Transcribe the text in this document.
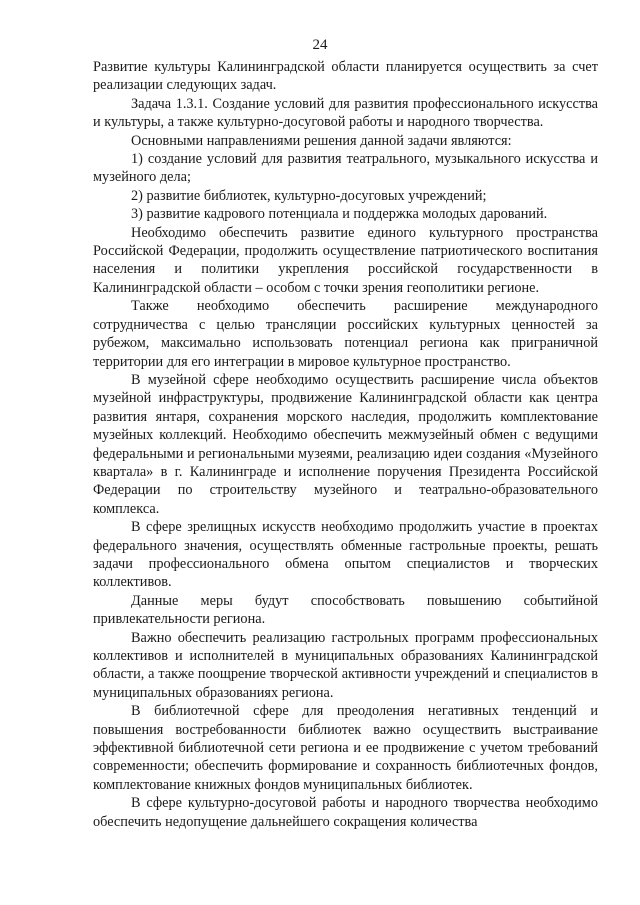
24

Развитие культуры Калининградской области планируется осуществить за счет реализации следующих задач.

Задача 1.3.1. Создание условий для развития профессионального искусства и культуры, а также культурно-досуговой работы и народного творчества.

Основными направлениями решения данной задачи являются:

1) создание условий для развития театрального, музыкального искусства и музейного дела;

2) развитие библиотек, культурно-досуговых учреждений;

3) развитие кадрового потенциала и поддержка молодых дарований.

Необходимо обеспечить развитие единого культурного пространства Российской Федерации, продолжить осуществление патриотического воспитания населения и политики укрепления российской государственности в Калининградской области – особом с точки зрения геополитики регионе.

Также необходимо обеспечить расширение международного сотрудничества с целью трансляции российских культурных ценностей за рубежом, максимально использовать потенциал региона как приграничной территории для его интеграции в мировое культурное пространство.

В музейной сфере необходимо осуществить расширение числа объектов музейной инфраструктуры, продвижение Калининградской области как центра развития янтаря, сохранения морского наследия, продолжить комплектование музейных коллекций. Необходимо обеспечить межмузейный обмен с ведущими федеральными и региональными музеями, реализацию идеи создания «Музейного квартала» в г. Калининграде и исполнение поручения Президента Российской Федерации по строительству музейного и театрально-образовательного комплекса.

В сфере зрелищных искусств необходимо продолжить участие в проектах федерального значения, осуществлять обменные гастрольные проекты, решать задачи профессионального обмена опытом специалистов и творческих коллективов.

Данные меры будут способствовать повышению событийной привлекательности региона.

Важно обеспечить реализацию гастрольных программ профессиональных коллективов и исполнителей в муниципальных образованиях Калининградской области, а также поощрение творческой активности учреждений и специалистов в муниципальных образованиях региона.

В библиотечной сфере для преодоления негативных тенденций и повышения востребованности библиотек важно осуществить выстраивание эффективной библиотечной сети региона и ее продвижение с учетом требований современности; обеспечить формирование и сохранность библиотечных фондов, комплектование книжных фондов муниципальных библиотек.

В сфере культурно-досуговой работы и народного творчества необходимо обеспечить недопущение дальнейшего сокращения количества
